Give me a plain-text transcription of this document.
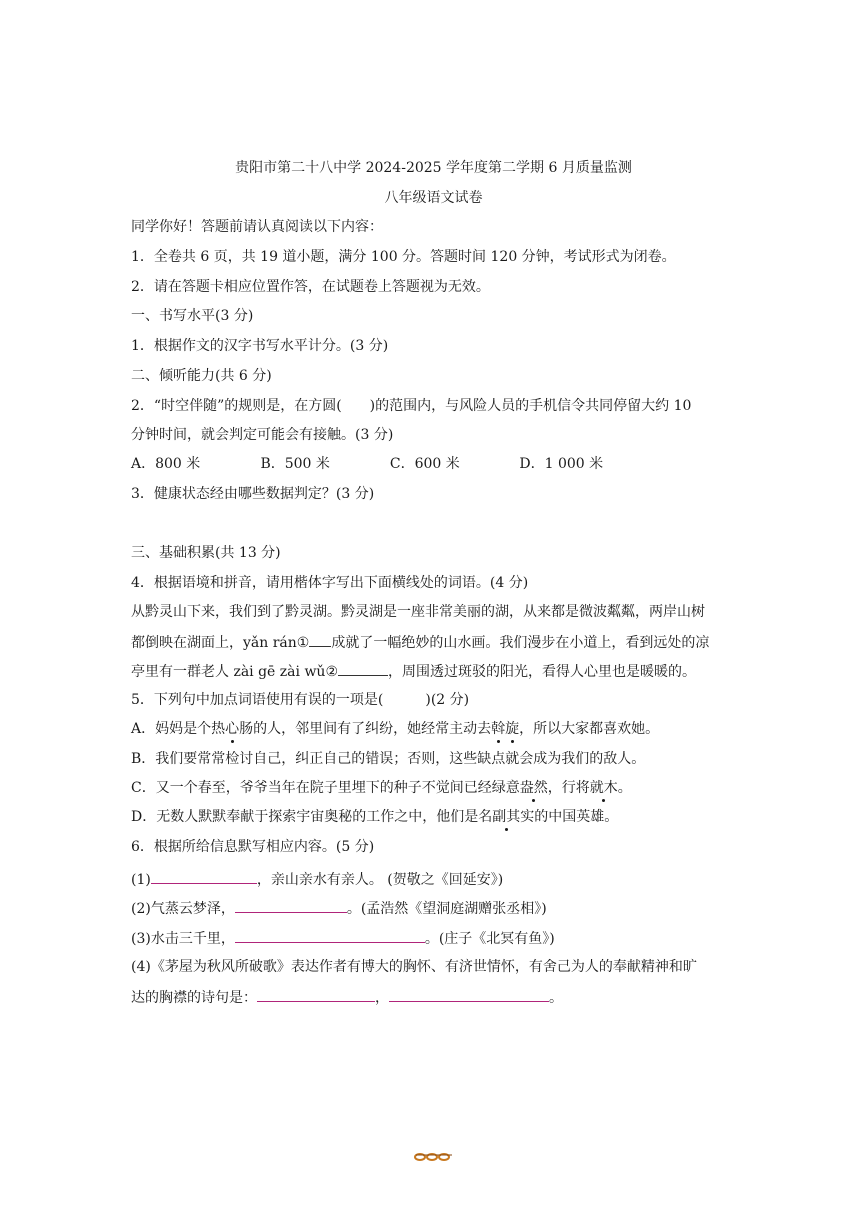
贵阳市第二十八中学 2024-2025 学年度第二学期 6 月质量监测
八年级语文试卷
同学你好！答题前请认真阅读以下内容：
1．全卷共 6 页，共 19 道小题，满分 100 分。答题时间 120 分钟，考试形式为闭卷。
2．请在答题卡相应位置作答，在试题卷上答题视为无效。
一、书写水平(3 分)
1．根据作文的汉字书写水平计分。(3 分)
二、倾听能力(共 6 分)
2．“时空伴随”的规则是，在方圆(　　)的范围内，与风险人员的手机信令共同停留大约 10
分钟时间，就会判定可能会有接触。(3 分)
A．800 米	B．500 米	C．600 米	D．1 000 米
3．健康状态经由哪些数据判定？(3 分)
三、基础积累(共 13 分)
4．根据语境和拼音，请用楷体字写出下面横线处的词语。(4 分)
从黔灵山下来，我们到了黔灵湖。黔灵湖是一座非常美丽的湖，从来都是微波粼粼，两岸山树
都倒映在湖面上，yǎn rán① 成就了一幅绝妙的山水画。我们漫步在小道上，看到远处的凉
亭里有一群老人 zài gē zài wǔ②	，周围透过斑驳的阳光，看得人心里也是暖暖的。
5．下列句中加点词语使用有误的一项是(　　　)(2 分)
A．妈妈是个热心肠的人，邻里间有了纠纷，她经常主动去斡旋，所以大家都喜欢她。
B．我们要常常检讨自己，纠正自己的错误；否则，这些缺点就会成为我们的敌人。
C．又一个春至，爷爷当年在院子里埋下的种子不觉间已经绿意盎然，行将就木。
D．无数人默默奉献于探索宇宙奥秘的工作之中，他们是名副其实的中国英雄。
6．根据所给信息默写相应内容。(5 分)
(1)	，亲山亲水有亲人。 (贺敬之《回延安》)
(2)气蒸云梦泽，	。(孟浩然《望洞庭湖赠张丞相》)
(3)水击三千里，	。(庄子《北冥有鱼》)
(4)《茅屋为秋风所破歌》表达作者有博大的胸怀、有济世情怀，有舍己为人的奉献精神和旷
达的胸襟的诗句是：	，	。
